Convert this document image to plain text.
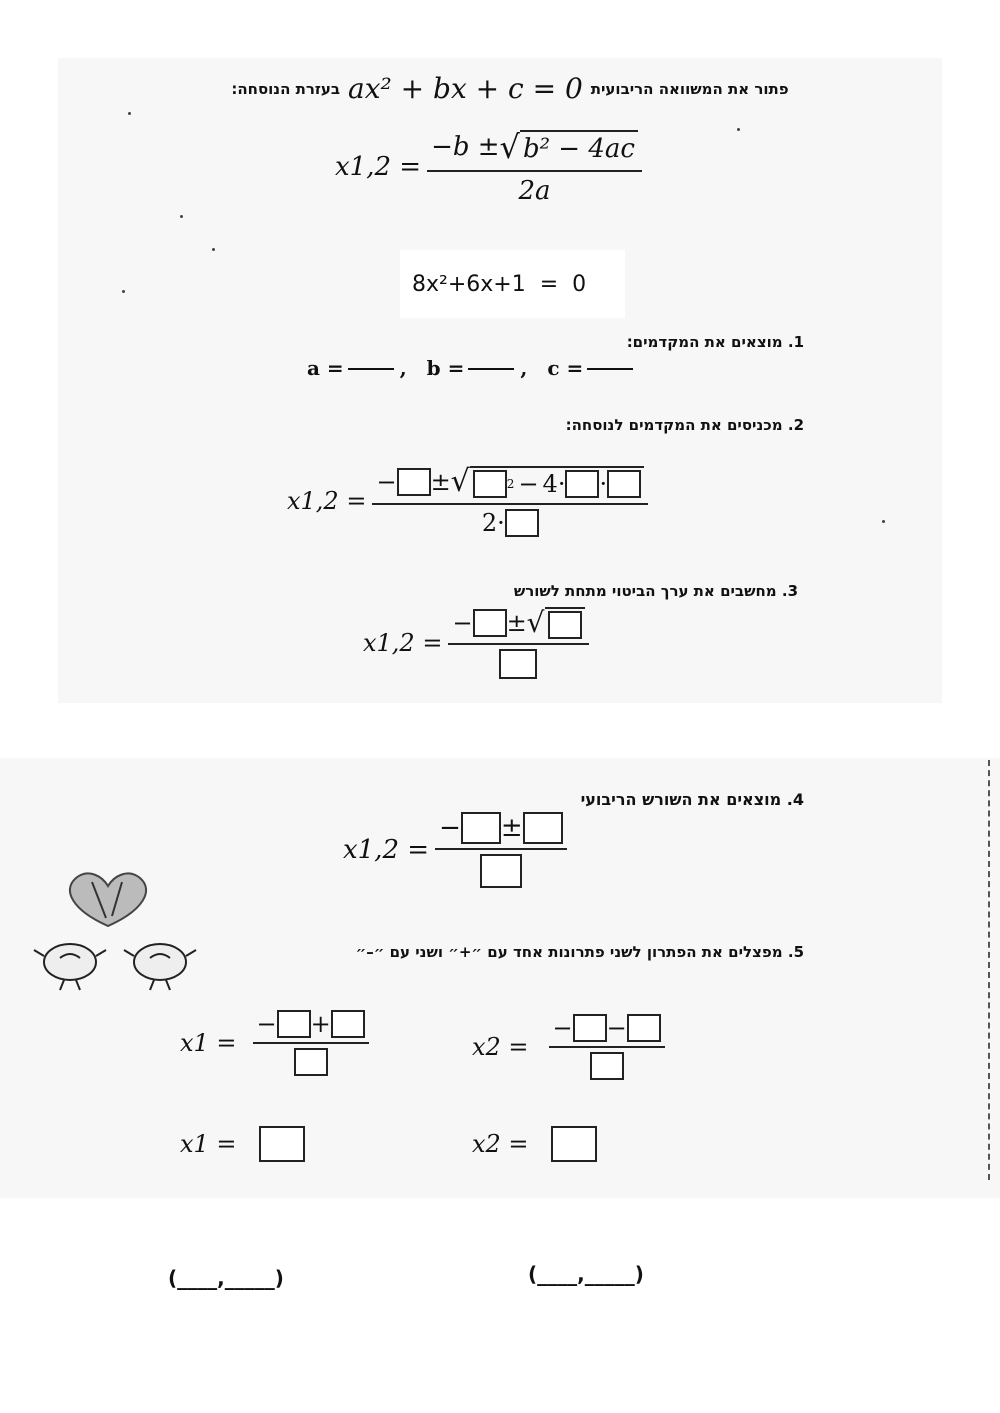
בעזרת הנוסחה: ax² + bx + c = 0 פתור את המשוואה הריבועית
$x1,2 = \frac{\text{−b ± √ b² − 4ac}}{2a}$
8x²+6x+1  =  0
1. מוצאים את המקדמים:
a =	, b =	, c =
2. מכניסים את המקדמים לנוסחה:
x1,2 =
− ± √	2 − 4· ·
2·
3. מחשבים את ערך הביטוי מתחת לשורש
x1,2 =
− ± √
4. מוצאים את השורש הריבועי
x1,2 =
− ±
5. מפצלים את הפתרון לשני פתרונות אחד עם ״+״ ושני עם ״–״
x1 =
− +
x2 =
− −
x1 =	x2 =
(____,_____)	(____,_____)
